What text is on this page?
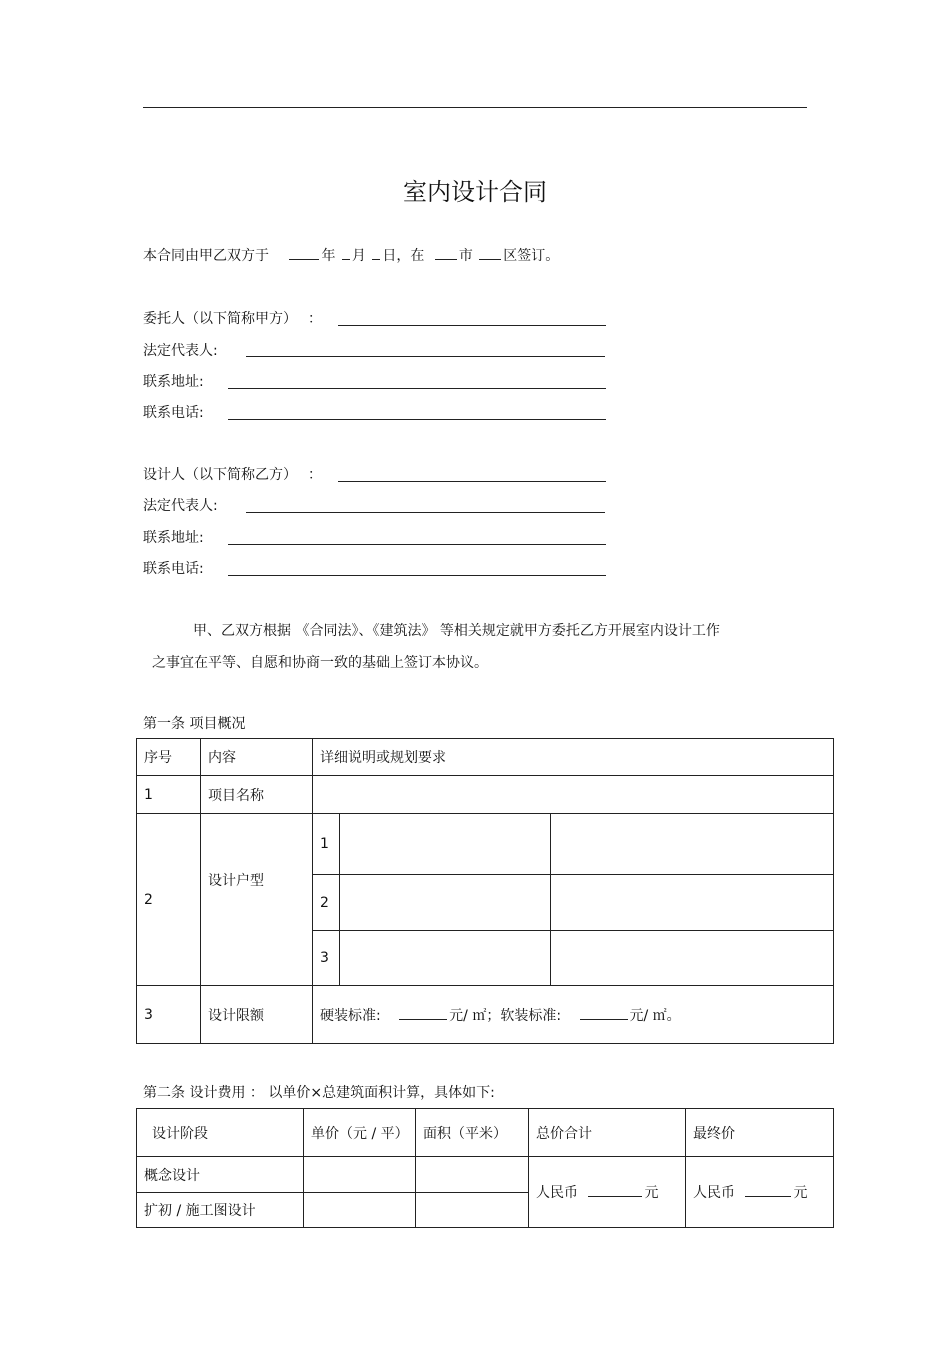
室内设计合同
本合同由甲乙双方于	年 月 日，在 市 区签订。
委托人（以下简称甲方） ：
法定代表人:
联系地址:
联系电话:
设计人（以下简称乙方） ：
法定代表人:
联系地址:
联系电话:
甲、乙双方根据 《合同法》、《建筑法》 等相关规定就甲方委托乙方开展室内设计工作
之事宜在平等、自愿和协商一致的基础上签订本协议。
第一条 项目概况
序号	内容	详细说明或规划要求		
1	项目名称			
2	设计户型	1		
		2		
		3		
3	设计限额	硬装标准: 元/ ㎡；软装标准: 元/ ㎡。		
第二条 设计费用 ： 以单价×总建筑面积计算，具体如下:
设计阶段	单价（元 / 平）	面积（平米）	总价合计	最终价
概念设计			人民币 元	人民币 元
扩初 / 施工图设计				
